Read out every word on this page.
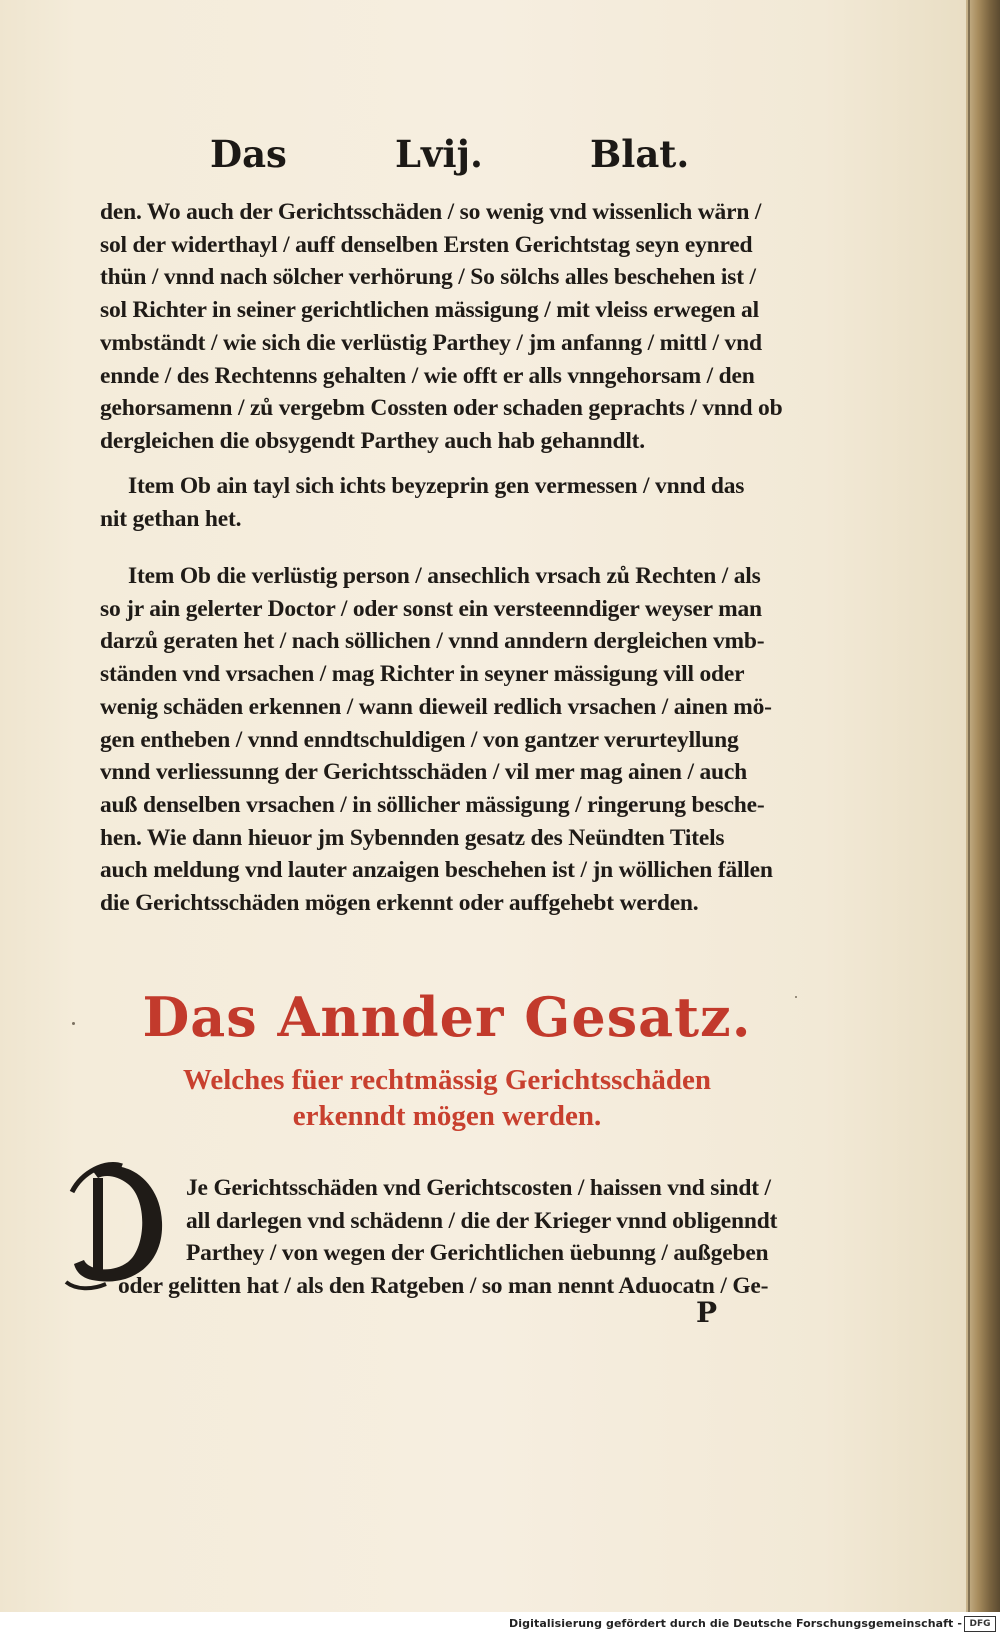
Das	Lvij.	Blat.
den. Wo auch der Gerichtsschäden / so wenig vnd wissenlich wärn /
sol der widerthayl / auff denselben Ersten Gerichtstag seyn eynred
thün / vnnd nach sölcher verhörung / So sölchs alles beschehen ist /
sol Richter in seiner gerichtlichen mässigung / mit vleiss erwegen al
vmbständt / wie sich die verlüstig Parthey / jm anfanng / mittl / vnd
ennde / des Rechtenns gehalten / wie offt er alls vnngehorsam / den
gehorsamenn / zů vergebm Cossten oder schaden geprachts / vnnd ob
dergleichen die obsygendt Parthey auch hab gehanndlt.
Item Ob ain tayl sich ichts beyzeprin gen vermessen / vnnd das
nit gethan het.
Item Ob die verlüstig person / ansechlich vrsach zů Rechten / als
so jr ain gelerter Doctor / oder sonst ein versteenndiger weyser man
darzů geraten het / nach söllichen / vnnd anndern dergleichen vmb-
ständen vnd vrsachen / mag Richter in seyner mässigung vill oder
wenig schäden erkennen / wann dieweil redlich vrsachen / ainen mö-
gen entheben / vnnd enndtschuldigen / von gantzer verurteyllung
vnnd verliessunng der Gerichtsschäden / vil mer mag ainen / auch
auß denselben vrsachen / in söllicher mässigung / ringerung besche-
hen. Wie dann hieuor jm Sybennden gesatz des Neündten Titels
auch meldung vnd lauter anzaigen beschehen ist / jn wöllichen fällen
die Gerichtsschäden mögen erkennt oder auffgehebt werden.
Das Annder Gesatz.
Welches füer rechtmässig Gerichtsschäden
erkenndt mögen werden.
Je Gerichtsschäden vnd Gerichtscosten / haissen vnd sindt /
all darlegen vnd schädenn / die der Krieger vnnd obligenndt
Parthey / von wegen der Gerichtlichen üebunng / außgeben
oder gelitten hat / als den Ratgeben / so man nennt Aduocatn / Ge-
P
Digitalisierung gefördert durch die Deutsche Forschungsgemeinschaft - DFG
